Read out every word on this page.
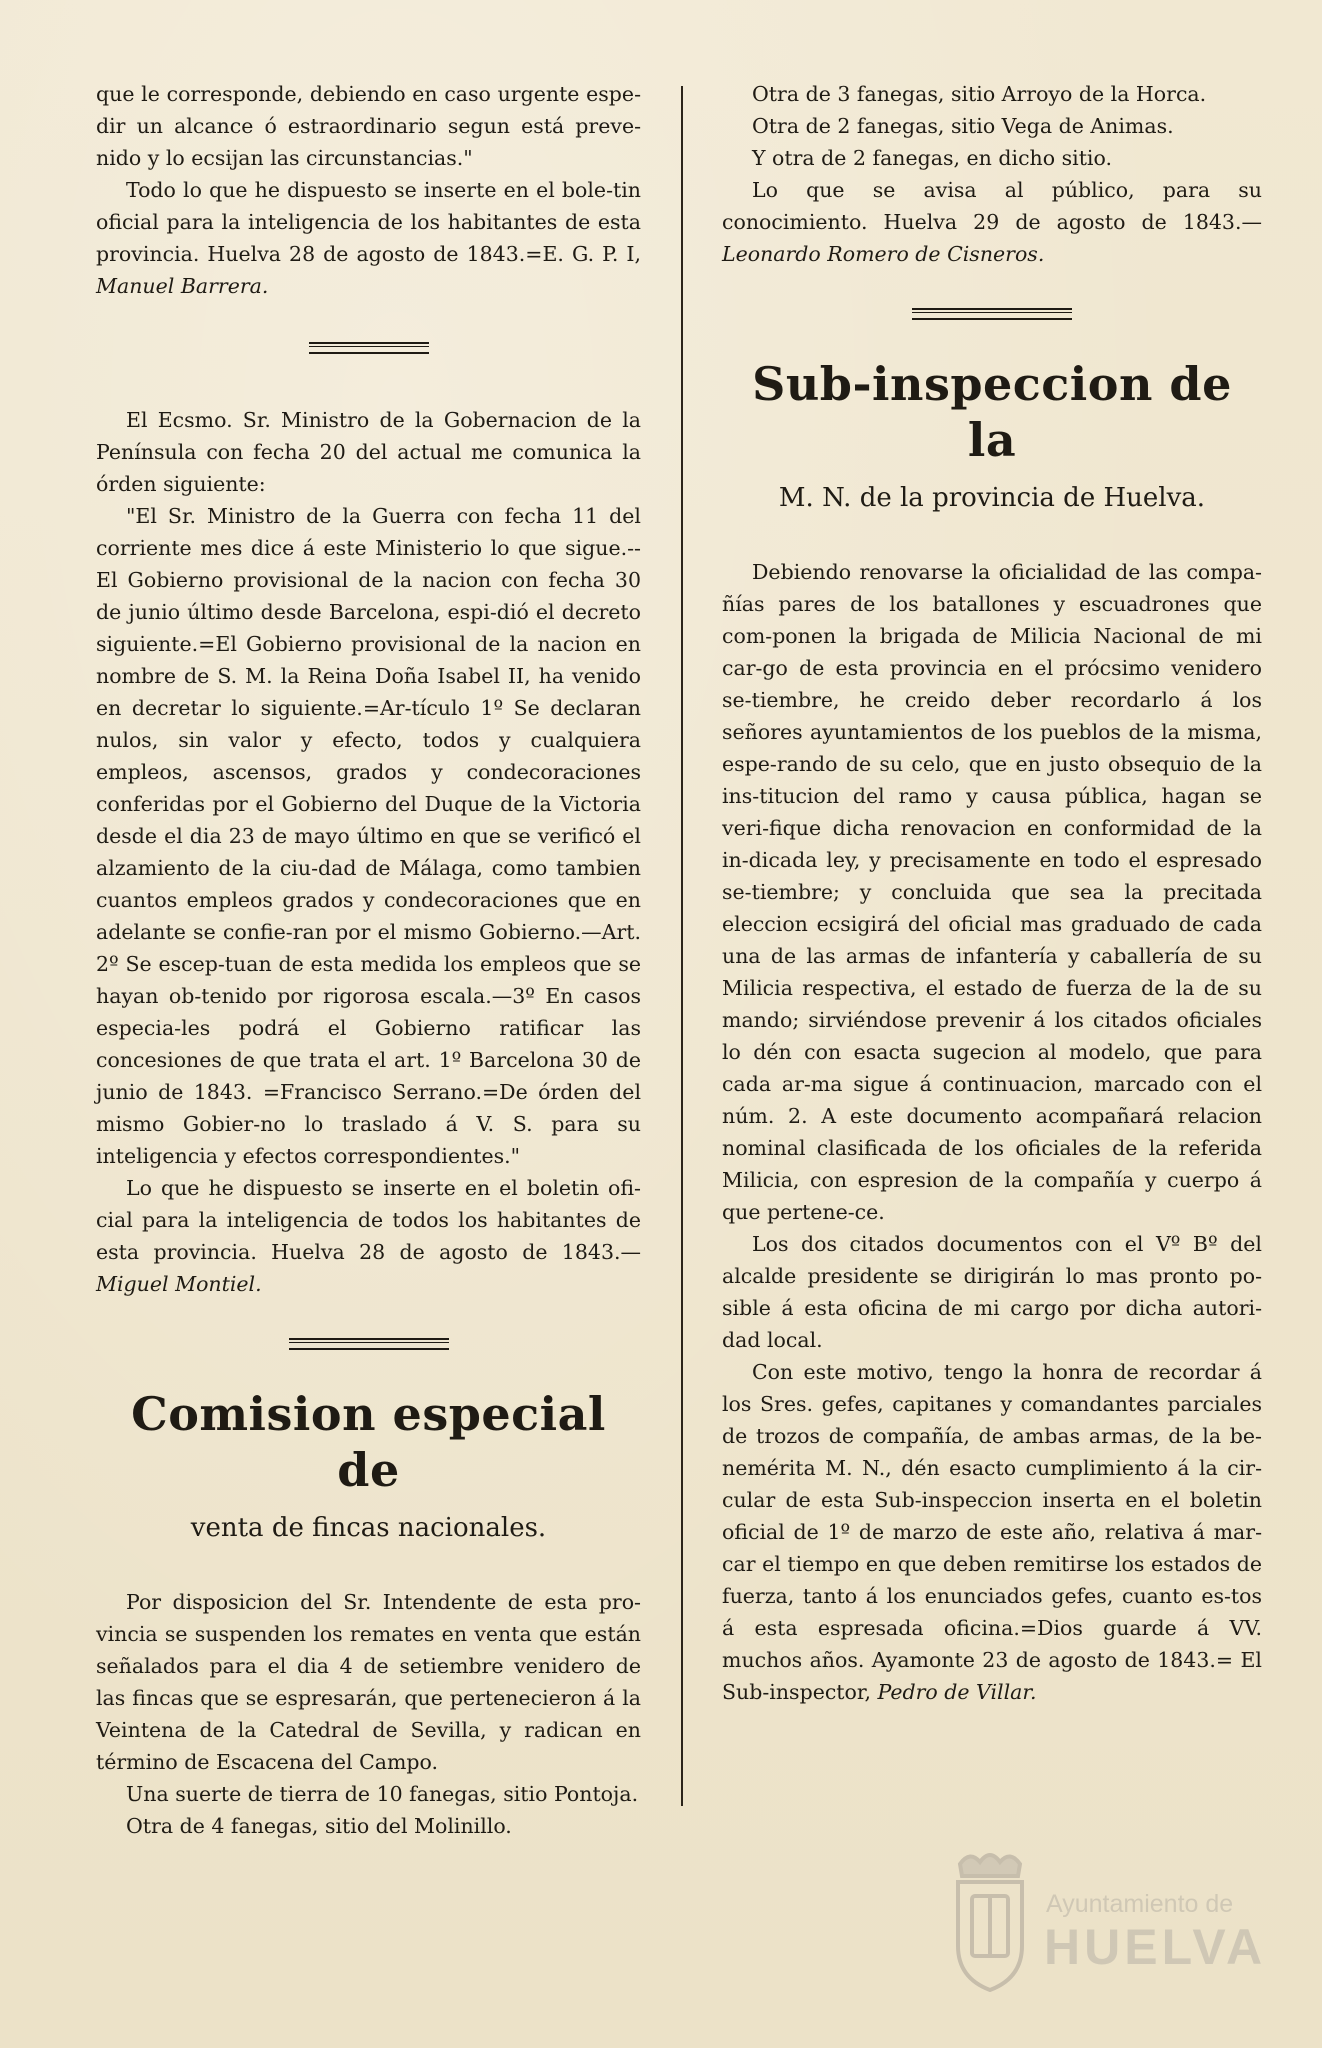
que le corresponde, debiendo en caso urgente espe-dir un alcance ó estraordinario segun está preve-nido y lo ecsijan las circunstancias."

Todo lo que he dispuesto se inserte en el bole-tin oficial para la inteligencia de los habitantes de esta provincia. Huelva 28 de agosto de 1843.=E. G. P. I, Manuel Barrera.

El Ecsmo. Sr. Ministro de la Gobernacion de la Península con fecha 20 del actual me comunica la órden siguiente:

"El Sr. Ministro de la Guerra con fecha 11 del corriente mes dice á este Ministerio lo que sigue.-- El Gobierno provisional de la nacion con fecha 30 de junio último desde Barcelona, espi-dió el decreto siguiente.=El Gobierno provisional de la nacion en nombre de S. M. la Reina Doña Isabel II, ha venido en decretar lo siguiente.=Ar-tículo 1º Se declaran nulos, sin valor y efecto, todos y cualquiera empleos, ascensos, grados y condecoraciones conferidas por el Gobierno del Duque de la Victoria desde el dia 23 de mayo último en que se verificó el alzamiento de la ciu-dad de Málaga, como tambien cuantos empleos grados y condecoraciones que en adelante se confie-ran por el mismo Gobierno.—Art. 2º Se escep-tuan de esta medida los empleos que se hayan ob-tenido por rigorosa escala.—3º En casos especia-les podrá el Gobierno ratificar las concesiones de que trata el art. 1º Barcelona 30 de junio de 1843. =Francisco Serrano.=De órden del mismo Gobier-no lo traslado á V. S. para su inteligencia y efectos correspondientes."

Lo que he dispuesto se inserte en el boletin ofi-cial para la inteligencia de todos los habitantes de esta provincia. Huelva 28 de agosto de 1843.— Miguel Montiel.

Comision especial de
venta de fincas nacionales.

Por disposicion del Sr. Intendente de esta pro-vincia se suspenden los remates en venta que están señalados para el dia 4 de setiembre venidero de las fincas que se espresarán, que pertenecieron á la Veintena de la Catedral de Sevilla, y radican en término de Escacena del Campo.

Una suerte de tierra de 10 fanegas, sitio Pontoja.

Otra de 4 fanegas, sitio del Molinillo.

Otra de 3 fanegas, sitio Arroyo de la Horca.

Otra de 2 fanegas, sitio Vega de Animas.

Y otra de 2 fanegas, en dicho sitio.

Lo que se avisa al público, para su conocimiento. Huelva 29 de agosto de 1843.— Leonardo Romero de Cisneros.

Sub-inspeccion de la
M. N. de la provincia de Huelva.

Debiendo renovarse la oficialidad de las compa-ñías pares de los batallones y escuadrones que com-ponen la brigada de Milicia Nacional de mi car-go de esta provincia en el prócsimo venidero se-tiembre, he creido deber recordarlo á los señores ayuntamientos de los pueblos de la misma, espe-rando de su celo, que en justo obsequio de la ins-titucion del ramo y causa pública, hagan se veri-fique dicha renovacion en conformidad de la in-dicada ley, y precisamente en todo el espresado se-tiembre; y concluida que sea la precitada eleccion ecsigirá del oficial mas graduado de cada una de las armas de infantería y caballería de su Milicia respectiva, el estado de fuerza de la de su mando; sirviéndose prevenir á los citados oficiales lo dén con esacta sugecion al modelo, que para cada ar-ma sigue á continuacion, marcado con el núm. 2. A este documento acompañará relacion nominal clasificada de los oficiales de la referida Milicia, con espresion de la compañía y cuerpo á que pertene-ce.

Los dos citados documentos con el Vº Bº del alcalde presidente se dirigirán lo mas pronto po-sible á esta oficina de mi cargo por dicha autori-dad local.

Con este motivo, tengo la honra de recordar á los Sres. gefes, capitanes y comandantes parciales de trozos de compañía, de ambas armas, de la be-nemérita M. N., dén esacto cumplimiento á la cir-cular de esta Sub-inspeccion inserta en el boletin oficial de 1º de marzo de este año, relativa á mar-car el tiempo en que deben remitirse los estados de fuerza, tanto á los enunciados gefes, cuanto es-tos á esta espresada oficina.=Dios guarde á VV. muchos años. Ayamonte 23 de agosto de 1843.= El Sub-inspector, Pedro de Villar.

Ayuntamiento de
HUELVA
